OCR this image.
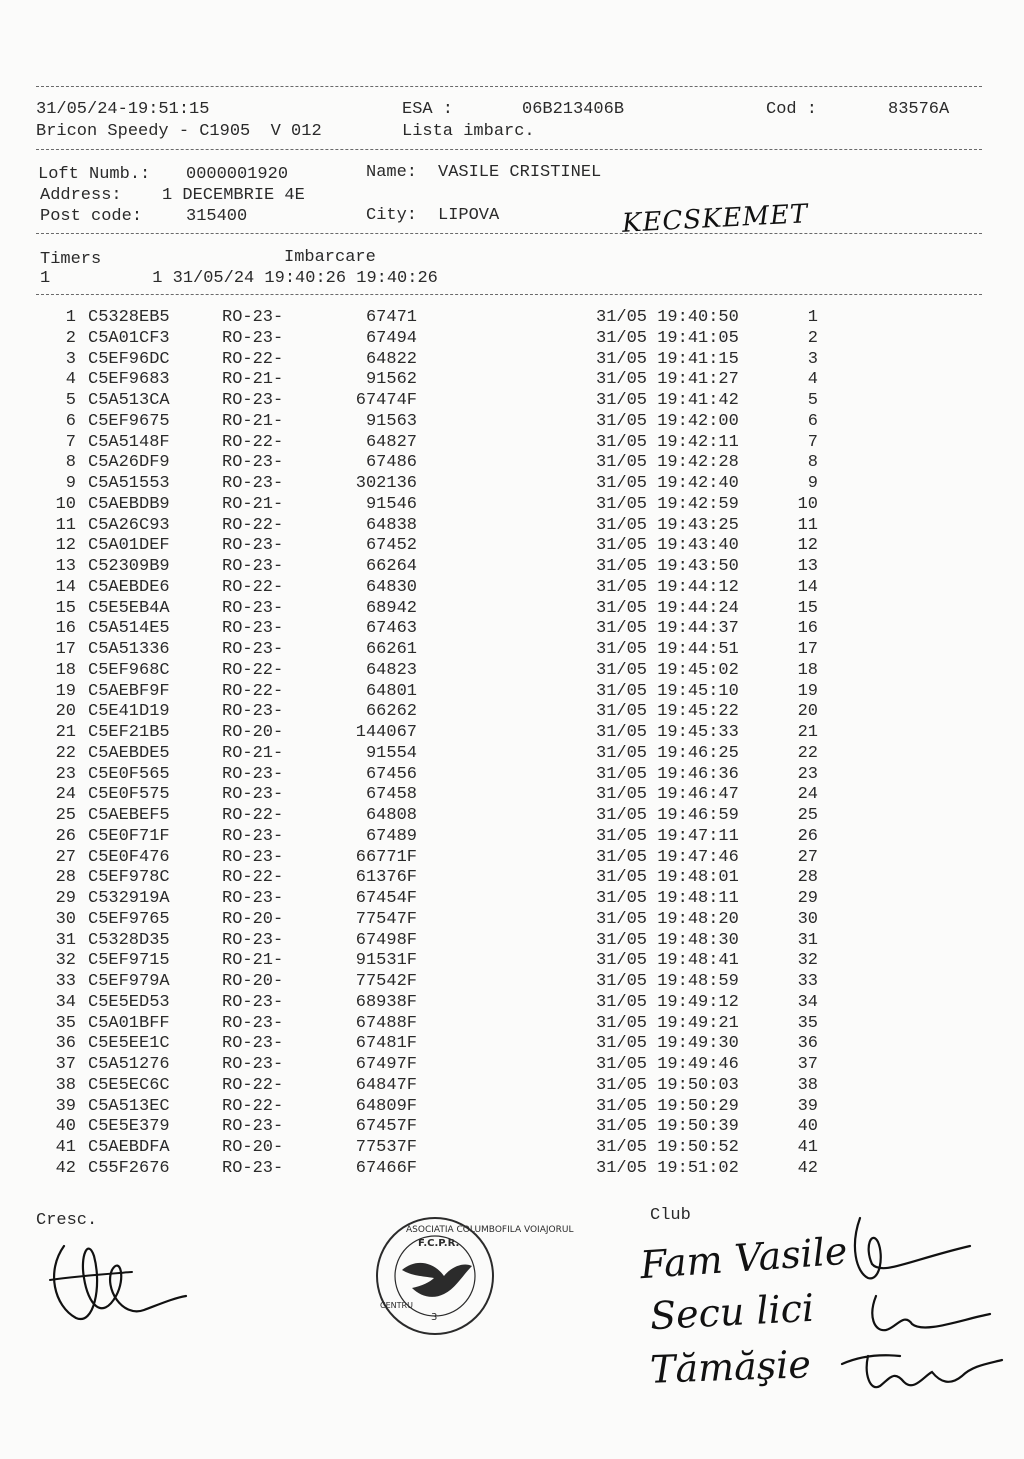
31/05/24-19:51:15	ESA :	06B213406B	Cod :	83576A
Bricon Speedy - C1905  V 012	Lista imbarc.
Loft Numb.: 0000001920	Name: VASILE CRISTINEL
Address: 1 DECEMBRIE 4E
Post code:	315400	City: LIPOVA	KECSKEMET
Timers	Imbarcare
1          1 31/05/24 19:40:26 19:40:26
1 C5328EB5	RO-23-	67471	31/05 19:40:50	1
2 C5A01CF3	RO-23-	67494	31/05 19:41:05	2
3 C5EF96DC	RO-22-	64822	31/05 19:41:15	3
4 C5EF9683	RO-21-	91562	31/05 19:41:27	4
5 C5A513CA	RO-23-	67474F	31/05 19:41:42	5
6 C5EF9675	RO-21-	91563	31/05 19:42:00	6
7 C5A5148F	RO-22-	64827	31/05 19:42:11	7
8 C5A26DF9	RO-23-	67486	31/05 19:42:28	8
9 C5A51553	RO-23-	302136	31/05 19:42:40	9
10 C5AEBDB9	RO-21-	91546	31/05 19:42:59	10
11 C5A26C93	RO-22-	64838	31/05 19:43:25	11
12 C5A01DEF	RO-23-	67452	31/05 19:43:40	12
13 C52309B9	RO-23-	66264	31/05 19:43:50	13
14 C5AEBDE6	RO-22-	64830	31/05 19:44:12	14
15 C5E5EB4A	RO-23-	68942	31/05 19:44:24	15
16 C5A514E5	RO-23-	67463	31/05 19:44:37	16
17 C5A51336	RO-23-	66261	31/05 19:44:51	17
18 C5EF968C	RO-22-	64823	31/05 19:45:02	18
19 C5AEBF9F	RO-22-	64801	31/05 19:45:10	19
20 C5E41D19	RO-23-	66262	31/05 19:45:22	20
21 C5EF21B5	RO-20-	144067	31/05 19:45:33	21
22 C5AEBDE5	RO-21-	91554	31/05 19:46:25	22
23 C5E0F565	RO-23-	67456	31/05 19:46:36	23
24 C5E0F575	RO-23-	67458	31/05 19:46:47	24
25 C5AEBEF5	RO-22-	64808	31/05 19:46:59	25
26 C5E0F71F	RO-23-	67489	31/05 19:47:11	26
27 C5E0F476	RO-23-	66771F	31/05 19:47:46	27
28 C5EF978C	RO-22-	61376F	31/05 19:48:01	28
29 C532919A	RO-23-	67454F	31/05 19:48:11	29
30 C5EF9765	RO-20-	77547F	31/05 19:48:20	30
31 C5328D35	RO-23-	67498F	31/05 19:48:30	31
32 C5EF9715	RO-21-	91531F	31/05 19:48:41	32
33 C5EF979A	RO-20-	77542F	31/05 19:48:59	33
34 C5E5ED53	RO-23-	68938F	31/05 19:49:12	34
35 C5A01BFF	RO-23-	67488F	31/05 19:49:21	35
36 C5E5EE1C	RO-23-	67481F	31/05 19:49:30	36
37 C5A51276	RO-23-	67497F	31/05 19:49:46	37
38 C5E5EC6C	RO-22-	64847F	31/05 19:50:03	38
39 C5A513EC	RO-22-	64809F	31/05 19:50:29	39
40 C5E5E379	RO-23-	67457F	31/05 19:50:39	40
41 C5AEBDFA	RO-20-	77537F	31/05 19:50:52	41
42 C55F2676	RO-23-	67466F	31/05 19:51:02	42
Cresc.	Club
ASOCIATIA COLUMBOFILA VOIAJORUL
F.C.P.R.
CENTRU
3
Fam Vasile
Secu lici
Tămăşie
